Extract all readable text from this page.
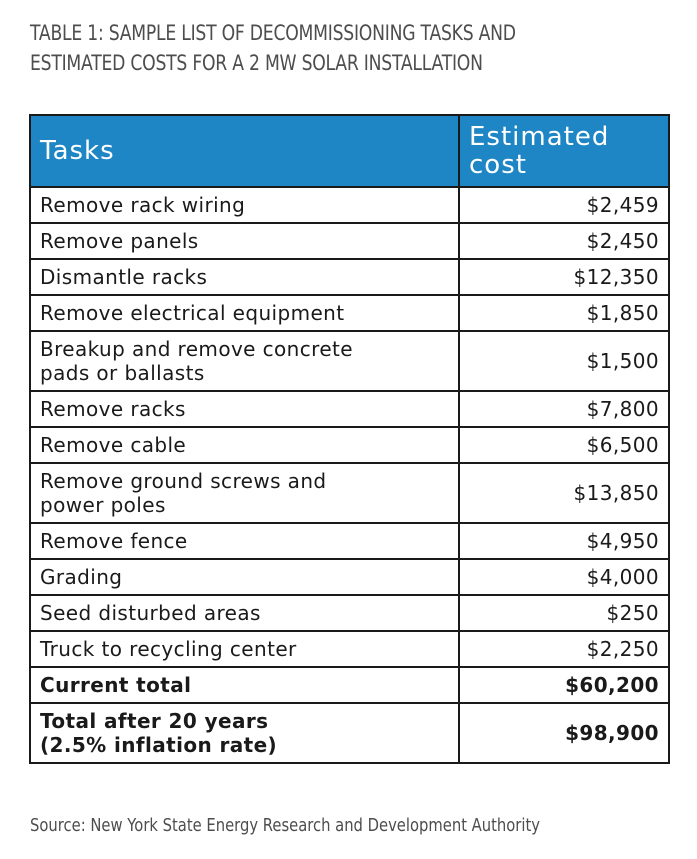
TABLE 1: SAMPLE LIST OF DECOMMISSIONING TASKS AND
ESTIMATED COSTS FOR A 2 MW SOLAR INSTALLATION
Tasks	Estimated
cost
Remove rack wiring	$2,459
Remove panels	$2,450
Dismantle racks	$12,350
Remove electrical equipment	$1,850
Breakup and remove concrete
pads or ballasts	$1,500
Remove racks	$7,800
Remove cable	$6,500
Remove ground screws and
power poles	$13,850
Remove fence	$4,950
Grading	$4,000
Seed disturbed areas	$250
Truck to recycling center	$2,250
Current total	$60,200
Total after 20 years
(2.5% inflation rate)	$98,900
Source: New York State Energy Research and Development Authority
